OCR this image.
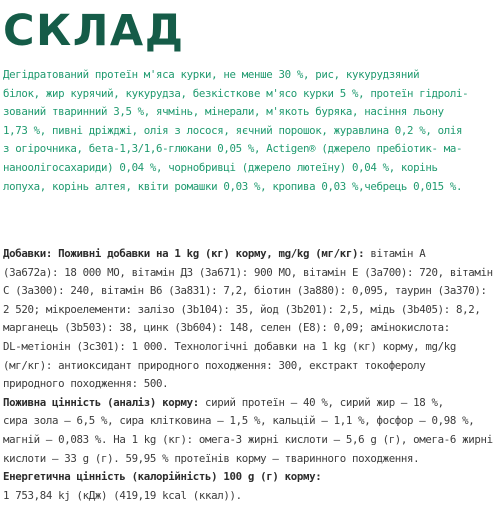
СКЛАД

Дегідратований протеїн м'яса курки, не менше 30 %, рис, кукурудзяний
білок, жир курячий, кукурудза, безкісткове м'ясо курки 5 %, протеїн гідролі-
зований тваринний 3,5 %, ячмінь, мінерали, м'якоть буряка, насіння льону
1,73 %, пивні дріжджі, олія з лосося, яєчний порошок, журавлина 0,2 %, олія
з огірочника, бета-1,3/1,6-глюкани 0,05 %, Actigen® (джерело пребіотик- ма-
наноолігосахариди) 0,04 %, чорнобривці (джерело лютеїну) 0,04 %, корінь
лопуха, корінь алтея, квіти ромашки 0,03 %, кропива 0,03 %,чебрець 0,015 %.

Добавки: Поживні добавки на 1 kg (кг) корму, mg/kg (мг/кг): вітамін А
(3а672а): 18 000 МО, вітамін Д3 (3а671): 900 МО, вітамін Е (3а700): 720, вітамін
С (3а300): 240, вітамін В6 (3а831): 7,2, біотин (3а880): 0,095, таурин (3а370):
2 520; мікроелементи: залізо (3b104): 35, йод (3b201): 2,5, мідь (3b405): 8,2,
марганець (3b503): 38, цинк (3b604): 148, селен (E8): 0,09; амінокислота:
DL-метіонін (3с301): 1 000. Технологічні добавки на 1 kg (кг) корму, mg/kg
(мг/кг): антиоксидант природного походження: 300, екстракт токоферолу
природного походження: 500.
Поживна цінність (аналіз) корму: сирий протеїн – 40 %, сирий жир – 18 %,
сира зола – 6,5 %, сира клітковина – 1,5 %, кальцій – 1,1 %, фосфор – 0,98 %,
магній – 0,083 %. На 1 kg (кг): омега-3 жирні кислоти – 5,6 g (г), омега-6 жирні
кислоти – 33 g (г). 59,95 % протеїнів корму – тваринного походження.
Енергетична цінність (калорійність) 100 g (г) корму:
1 753,84 kj (кДж) (419,19 kcal (ккал)).
